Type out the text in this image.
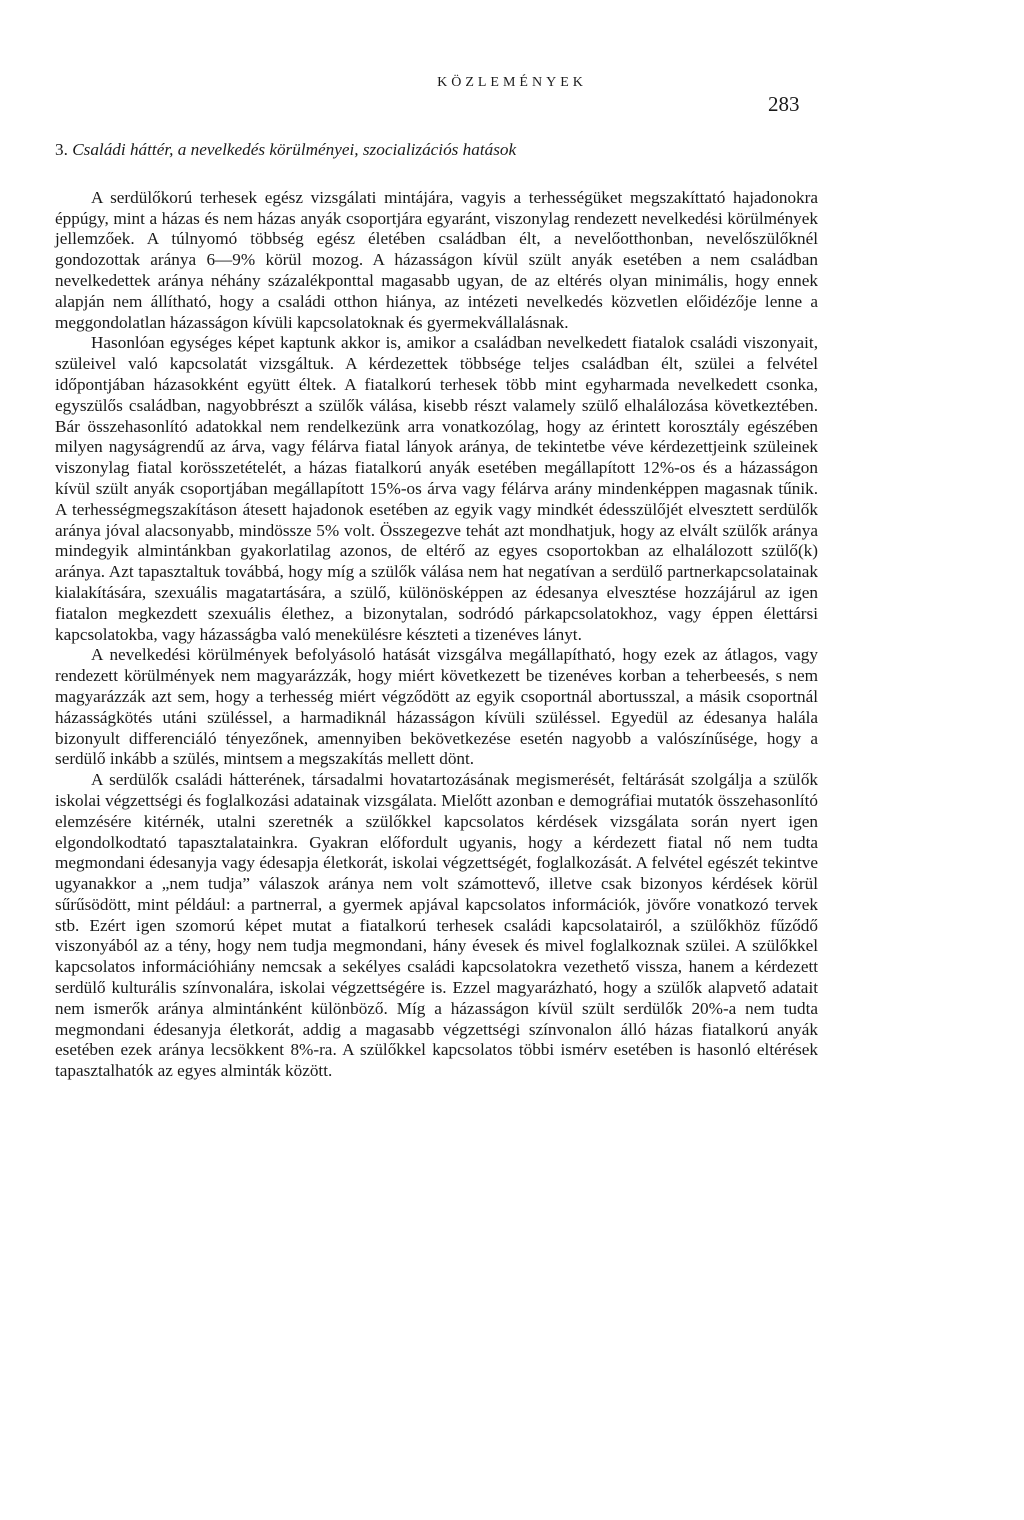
KÖZLEMÉNYEK
283
3. Családi háttér, a nevelkedés körülményei, szocializációs hatások

A serdülőkorú terhesek egész vizsgálati mintájára, vagyis a terhességüket megszakíttató hajadonokra éppúgy, mint a házas és nem házas anyák csoportjára egyaránt, viszonylag rendezett nevelkedési körülmények jellemzőek. A túlnyomó többség egész életében családban élt, a nevelőotthonban, nevelőszülőknél gondozottak aránya 6—9% körül mozog. A házasságon kívül szült anyák esetében a nem családban nevelkedettek aránya néhány százalékponttal magasabb ugyan, de az eltérés olyan minimális, hogy ennek alapján nem állítható, hogy a családi otthon hiánya, az intézeti nevelkedés közvetlen előidézője lenne a meggondolatlan házasságon kívüli kapcsolatoknak és gyermekvállalásnak.

Hasonlóan egységes képet kaptunk akkor is, amikor a családban nevelkedett fiatalok családi viszonyait, szüleivel való kapcsolatát vizsgáltuk. A kérdezettek többsége teljes családban élt, szülei a felvétel időpontjában házasokként együtt éltek. A fiatalkorú terhesek több mint egyharmada nevelkedett csonka, egyszülős családban, nagyobbrészt a szülők válása, kisebb részt valamely szülő elhalálozása következtében. Bár összehasonlító adatokkal nem rendelkezünk arra vonatkozólag, hogy az érintett korosztály egészében milyen nagyságrendű az árva, vagy félárva fiatal lányok aránya, de tekintetbe véve kérdezettjeink szüleinek viszonylag fiatal korösszetételét, a házas fiatalkorú anyák esetében megállapított 12%-os és a házasságon kívül szült anyák csoportjában megállapított 15%-os árva vagy félárva arány mindenképpen magasnak tűnik. A terhességmegszakításon átesett hajadonok esetében az egyik vagy mindkét édesszülőjét elvesztett serdülők aránya jóval alacsonyabb, mindössze 5% volt. Összegezve tehát azt mondhatjuk, hogy az elvált szülők aránya mindegyik almintánkban gyakorlatilag azonos, de eltérő az egyes csoportokban az elhalálozott szülő(k) aránya. Azt tapasztaltuk továbbá, hogy míg a szülők válása nem hat negatívan a serdülő partnerkapcsolatainak kialakítására, szexuális magatartására, a szülő, különösképpen az édesanya elvesztése hozzájárul az igen fiatalon megkezdett szexuális élethez, a bizonytalan, sodródó párkapcsolatokhoz, vagy éppen élettársi kapcsolatokba, vagy házasságba való menekülésre készteti a tizenéves lányt.

A nevelkedési körülmények befolyásoló hatását vizsgálva megállapítható, hogy ezek az átlagos, vagy rendezett körülmények nem magyarázzák, hogy miért következett be tizenéves korban a teherbeesés, s nem magyarázzák azt sem, hogy a terhesség miért végződött az egyik csoportnál abortusszal, a másik csoportnál házasságkötés utáni szüléssel, a harmadiknál házasságon kívüli szüléssel. Egyedül az édesanya halála bizonyult differenciáló tényezőnek, amennyiben bekövetkezése esetén nagyobb a valószínűsége, hogy a serdülő inkább a szülés, mintsem a megszakítás mellett dönt.

A serdülők családi hátterének, társadalmi hovatartozásának megismerését, feltárását szolgálja a szülők iskolai végzettségi és foglalkozási adatainak vizsgálata. Mielőtt azonban e demográfiai mutatók összehasonlító elemzésére kitérnék, utalni szeretnék a szülőkkel kapcsolatos kérdések vizsgálata során nyert igen elgondolkodtató tapasztalatainkra. Gyakran előfordult ugyanis, hogy a kérdezett fiatal nő nem tudta megmondani édesanyja vagy édesapja életkorát, iskolai végzettségét, foglalkozását. A felvétel egészét tekintve ugyanakkor a „nem tudja” válaszok aránya nem volt számottevő, illetve csak bizonyos kérdések körül sűrűsödött, mint például: a partnerral, a gyermek apjával kapcsolatos információk, jövőre vonatkozó tervek stb. Ezért igen szomorú képet mutat a fiatalkorú terhesek családi kapcsolatairól, a szülőkhöz fűződő viszonyából az a tény, hogy nem tudja megmondani, hány évesek és mivel foglalkoznak szülei. A szülőkkel kapcsolatos információhiány nemcsak a sekélyes családi kapcsolatokra vezethető vissza, hanem a kérdezett serdülő kulturális színvonalára, iskolai végzettségére is. Ezzel magyarázható, hogy a szülők alapvető adatait nem ismerők aránya almintánként különböző. Míg a házasságon kívül szült serdülők 20%-a nem tudta megmondani édesanyja életkorát, addig a magasabb végzettségi színvonalon álló házas fiatalkorú anyák esetében ezek aránya lecsökkent 8%-ra. A szülőkkel kapcsolatos többi ismérv esetében is hasonló eltérések tapasztalhatók az egyes alminták között.
